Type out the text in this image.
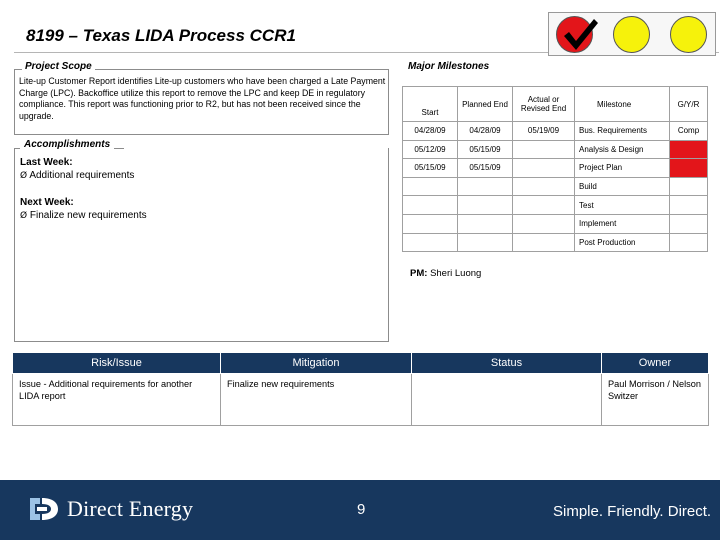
8199 – Texas LIDA Process CCR1
Project Scope
Lite-up Customer Report identifies Lite-up customers who have been charged a Late Payment Charge (LPC). Backoffice utilize this report to remove the LPC and keep DE in regulatory compliance. This report was functioning prior to R2, but has not been received since the upgrade.
Accomplishments
Last Week:
Ø Additional requirements
Next Week:
Ø Finalize new requirements
Major Milestones
Start	Planned End	Actual or Revised End	Milestone	G/Y/R
04/28/09	04/28/09	05/19/09	Bus. Requirements	Comp
05/12/09	05/15/09		Analysis & Design	
05/15/09	05/15/09		Project Plan	
			Build	
			Test	
			Implement	
			Post Production	
PM: Sheri Luong
Risk/Issue	Mitigation	Status	Owner
Issue - Additional requirements for another LIDA report	Finalize new requirements		Paul Morrison / Nelson Switzer
Direct Energy	9	Simple. Friendly. Direct.
